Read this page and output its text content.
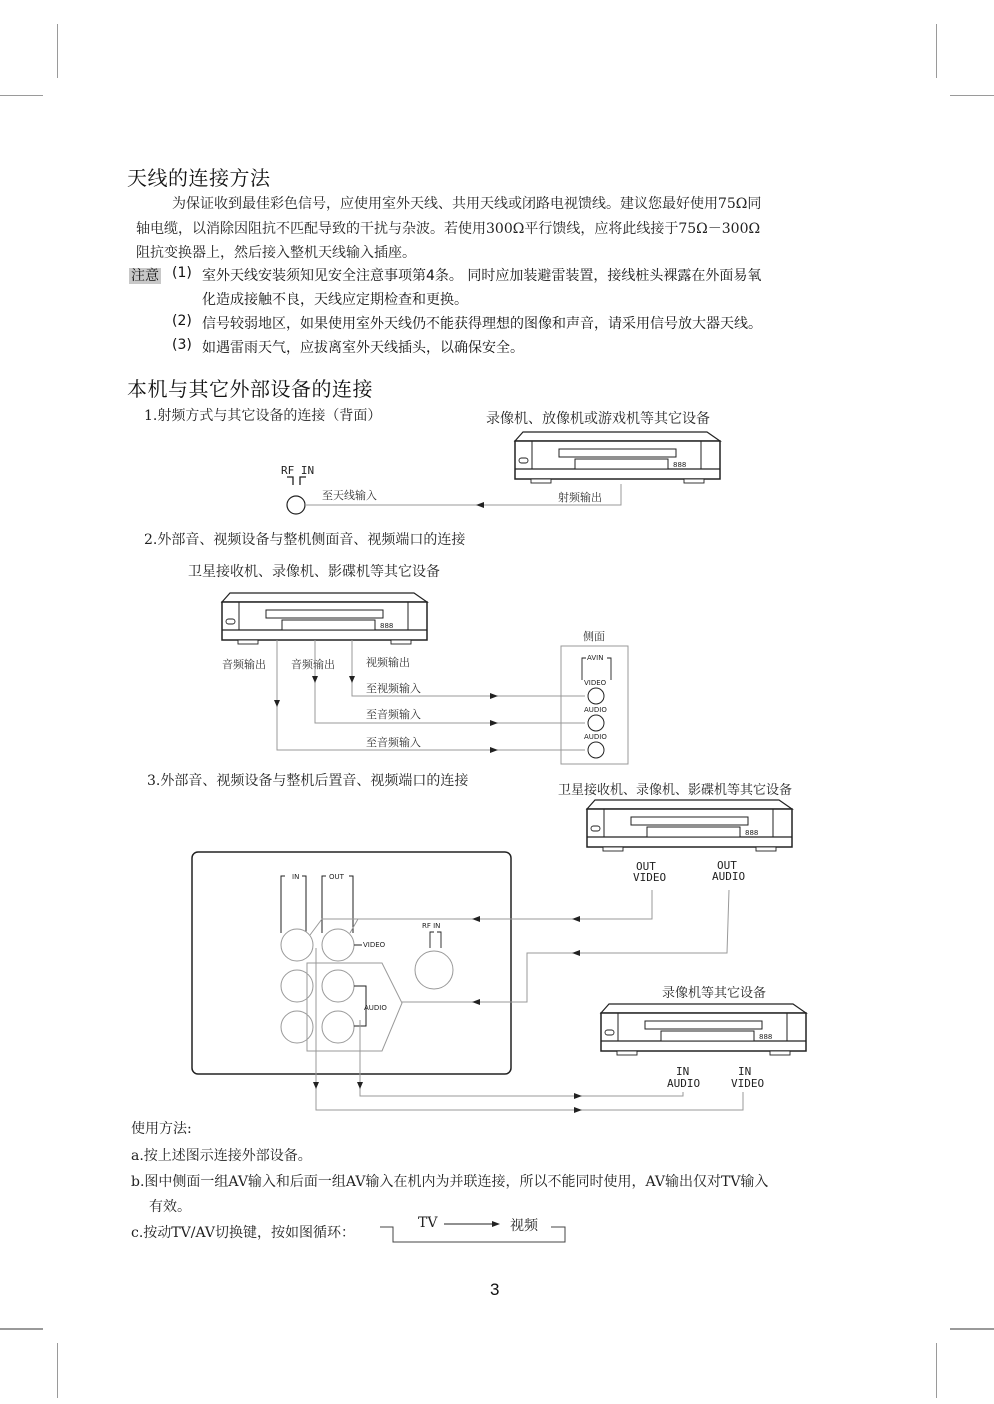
天线的连接方法
为保证收到最佳彩色信号，应使用室外天线、共用天线或闭路电视馈线。建议您最好使用75Ω同
轴电缆，以消除因阻抗不匹配导致的干扰与杂波。若使用300Ω平行馈线，应将此线接于75Ω－300Ω
阻抗变换器上，然后接入整机天线输入插座。
注意 (1) 室外天线安装须知见安全注意事项第4条。 同时应加装避雷装置，接线桩头裸露在外面易氧
化造成接触不良，天线应定期检查和更换。
(2) 信号较弱地区，如果使用室外天线仍不能获得理想的图像和声音，请采用信号放大器天线。
(3) 如遇雷雨天气，应拔离室外天线插头，以确保安全。
本机与其它外部设备的连接
1.射频方式与其它设备的连接（背面）	录像机、放像机或游戏机等其它设备
2.外部音、视频设备与整机侧面音、视频端口的连接
卫星接收机、录像机、影碟机等其它设备
3.外部音、视频设备与整机后置音、视频端口的连接
卫星接收机、录像机、影碟机等其它设备
录像机等其它设备
888
RF IN
至天线输入	射频输出
音频输出 音频输出	视频输出
至视频输入
至音频输入
至音频输入
侧面
AVIN
VIDEO
AUDIO
AUDIO
OUT
VIDEO
OUT
AUDIO
IN	OUT
VIDEO
AUDIO
RF IN
IN
AUDIO
IN
VIDEO
使用方法:
a.按上述图示连接外部设备。
b.图中侧面一组AV输入和后面一组AV输入在机内为并联连接，所以不能同时使用，AV输出仅对TV输入
有效。
c.按动TV/AV切换键，按如图循环：
TV	视频
3
